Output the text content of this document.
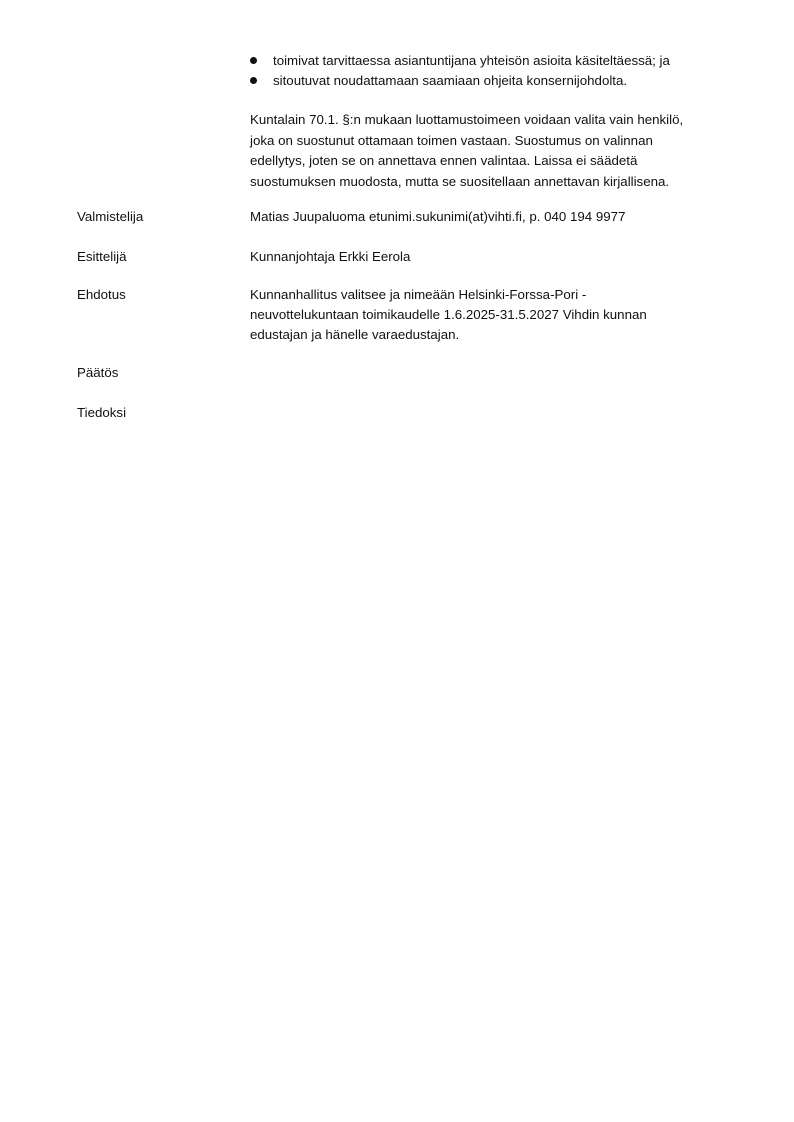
toimivat tarvittaessa asiantuntijana yhteisön asioita käsiteltäessä; ja
sitoutuvat noudattamaan saamiaan ohjeita konsernijohdolta.

Kuntalain 70.1. §:n mukaan luottamustoimeen voidaan valita vain henkilö,
joka on suostunut ottamaan toimen vastaan. Suostumus on valinnan
edellytys, joten se on annettava ennen valintaa. Laissa ei säädetä
suostumuksen muodosta, mutta se suositellaan annettavan kirjallisena.

Valmistelija	Matias Juupaluoma etunimi.sukunimi(at)vihti.fi, p. 040 194 9977
Esittelijä	Kunnanjohtaja Erkki Eerola
Ehdotus	Kunnanhallitus valitsee ja nimeään Helsinki-Forssa-Pori -
neuvottelukuntaan toimikaudelle 1.6.2025-31.5.2027 Vihdin kunnan
edustajan ja hänelle varaedustajan.
Päätös
Tiedoksi
